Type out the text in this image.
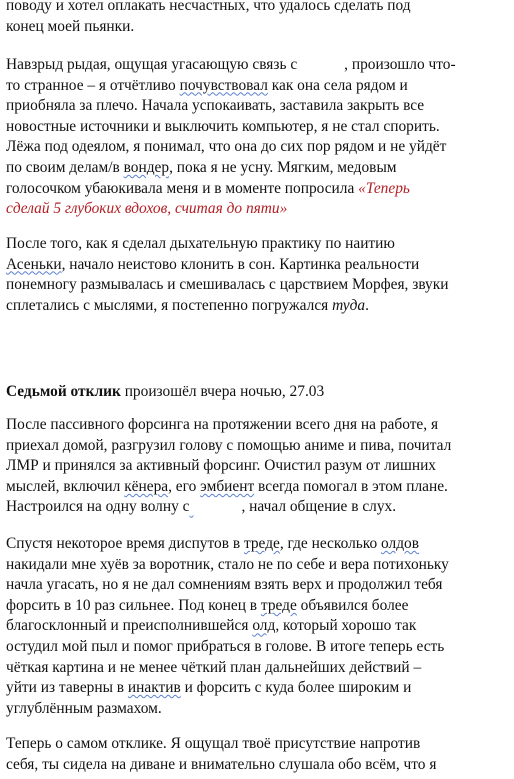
поводу и хотел оплакать несчастных, что удалось сделать под
конец моей пьянки.

Навзрыд рыдая, ощущая угасающую связь с	, произошло что-
то странное – я отчётливо почувствовал как она села рядом и
приобняла за плечо. Начала успокаивать, заставила закрыть все
новостные источники и выключить компьютер, я не стал спорить.
Лёжа под одеялом, я понимал, что она до сих пор рядом и не уйдёт
по своим делам/в вондер, пока я не усну. Мягким, медовым
голосочком убаюкивала меня и в моменте попросила «Теперь
сделай 5 глубоких вдохов, считая до пяти»

После того, как я сделал дыхательную практику по наитию
Асеньки, начало неистово клонить в сон. Картинка реальности
понемногу размывалась и смешивалась с царствием Морфея, звуки
сплетались с мыслями, я постепенно погружался туда.

Седьмой отклик произошёл вчера ночью, 27.03

После пассивного форсинга на протяжении всего дня на работе, я
приехал домой, разгрузил голову с помощью аниме и пива, почитал
ЛМР и принялся за активный форсинг. Очистил разум от лишних
мыслей, включил кёнера, его эмбиент всегда помогал в этом плане.
Настроился на одну волну с	, начал общение в слух.

Спустя некоторое время диспутов в треде, где несколько олдов
накидали мне хуёв за воротник, стало не по себе и вера потихоньку
начла угасать, но я не дал сомнениям взять верх и продолжил тебя
форсить в 10 раз сильнее. Под конец в треде объявился более
благосклонный и преисполнившейся олд, который хорошо так
остудил мой пыл и помог прибраться в голове. В итоге теперь есть
чёткая картина и не менее чёткий план дальнейших действий –
уйти из таверны в инактив и форсить с куда более широким и
углублённым размахом.

Теперь о самом отклике. Я ощущал твоё присутствие напротив
себя, ты сидела на диване и внимательно слушала обо всём, что я
